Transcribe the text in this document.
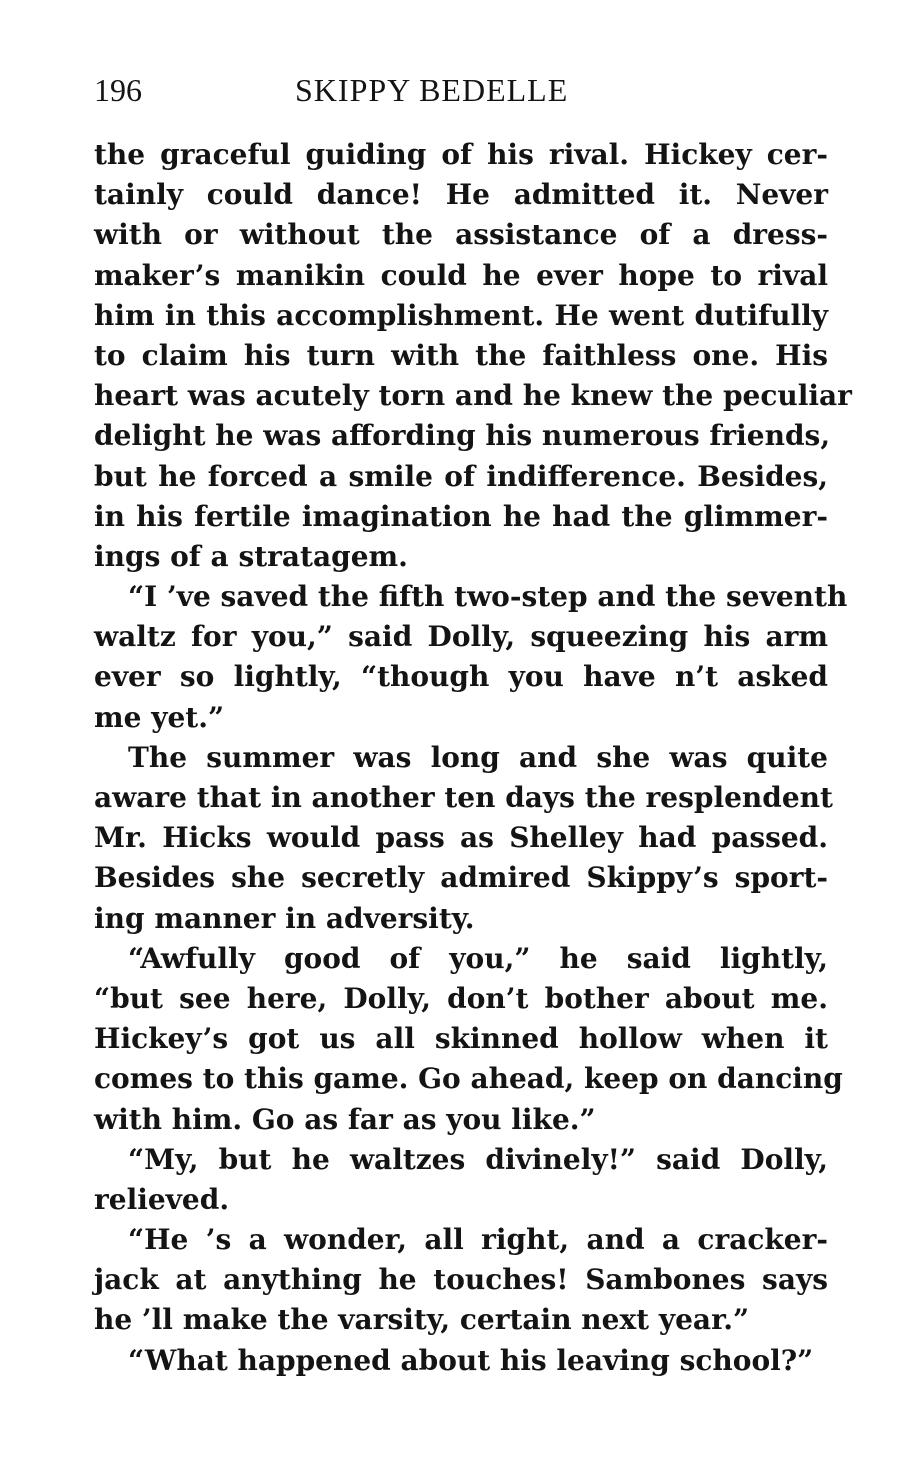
196	SKIPPY BEDELLE
the graceful guiding of his rival. Hickey cer-
tainly could dance! He admitted it. Never
with or without the assistance of a dress-
maker’s manikin could he ever hope to rival
him in this accomplishment. He went dutifully
to claim his turn with the faithless one. His
heart was acutely torn and he knew the peculiar
delight he was affording his numerous friends,
but he forced a smile of indifference. Besides,
in his fertile imagination he had the glimmer-
ings of a stratagem.
“I ’ve saved the fifth two-step and the seventh
waltz for you,” said Dolly, squeezing his arm
ever so lightly, “though you have n’t asked
me yet.”
The summer was long and she was quite
aware that in another ten days the resplendent
Mr. Hicks would pass as Shelley had passed.
Besides she secretly admired Skippy’s sport-
ing manner in adversity.
“Awfully good of you,” he said lightly,
“but see here, Dolly, don’t bother about me.
Hickey’s got us all skinned hollow when it
comes to this game. Go ahead, keep on dancing
with him. Go as far as you like.”
“My, but he waltzes divinely!” said Dolly,
relieved.
“He ’s a wonder, all right, and a cracker-
jack at anything he touches! Sambones says
he ’ll make the varsity, certain next year.”
“What happened about his leaving school?”
